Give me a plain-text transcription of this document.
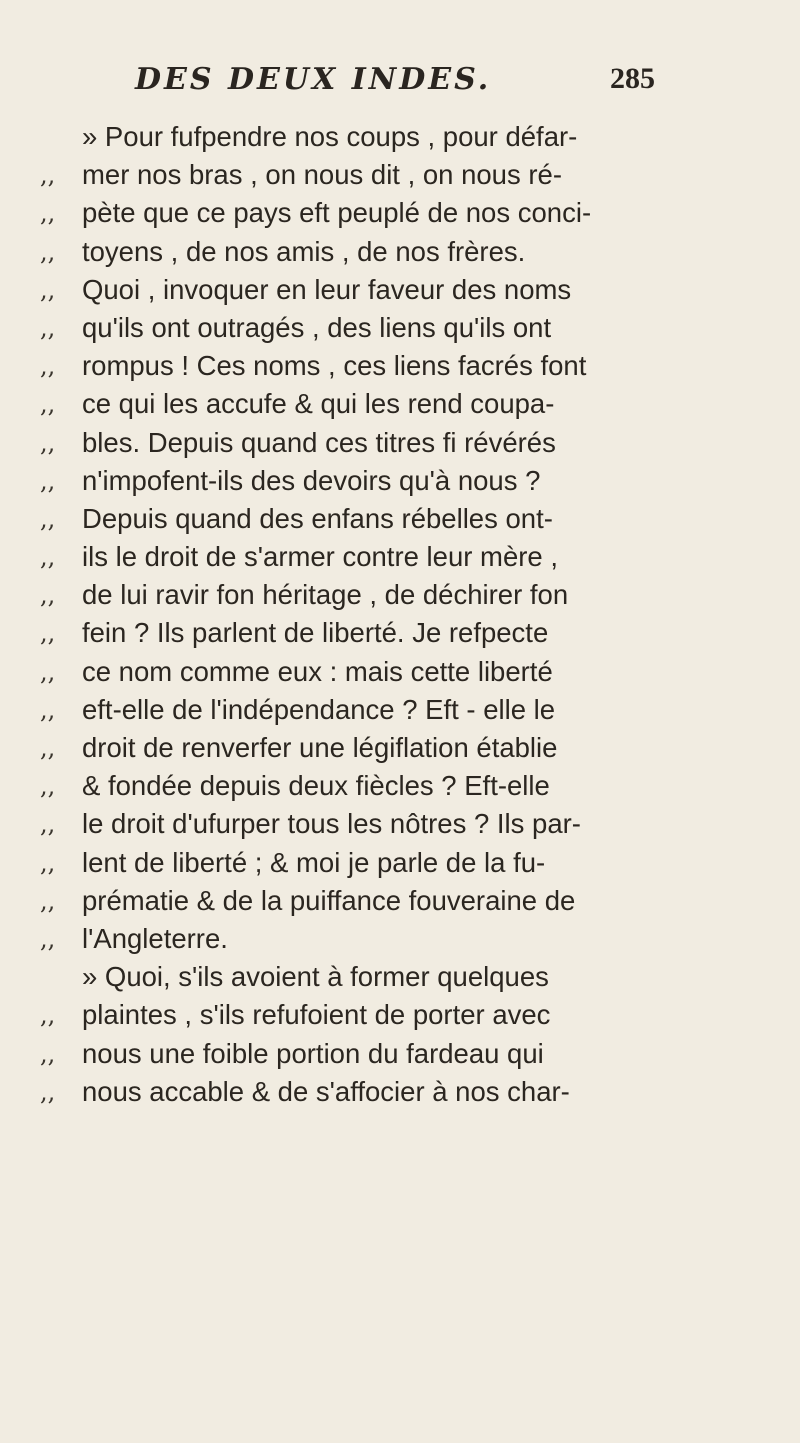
DES DEUX INDES.	285
» Pour fufpendre nos coups , pour défar-
,, mer nos bras , on nous dit , on nous ré-
,, pète que ce pays eft peuplé de nos conci-
,, toyens , de nos amis , de nos frères.
,, Quoi , invoquer en leur faveur des noms
,, qu'ils ont outragés , des liens qu'ils ont
,, rompus ! Ces noms , ces liens facrés font
,, ce qui les accufe & qui les rend coupa-
,, bles. Depuis quand ces titres fi révérés
,, n'impofent-ils des devoirs qu'à nous ?
,, Depuis quand des enfans rébelles ont-
,, ils le droit de s'armer contre leur mère ,
,, de lui ravir fon héritage , de déchirer fon
,, fein ? Ils parlent de liberté. Je refpecte
,, ce nom comme eux : mais cette liberté
,, eft-elle de l'indépendance ? Eft - elle le
,, droit de renverfer une légiflation établie
,, & fondée depuis deux fiècles ? Eft-elle
,, le droit d'ufurper tous les nôtres ? Ils par-
,, lent de liberté ; & moi je parle de la fu-
,, prématie & de la puiffance fouveraine de
,, l'Angleterre.
» Quoi, s'ils avoient à former quelques
,, plaintes , s'ils refufoient de porter avec
,, nous une foible portion du fardeau qui
,, nous accable & de s'affocier à nos char-
